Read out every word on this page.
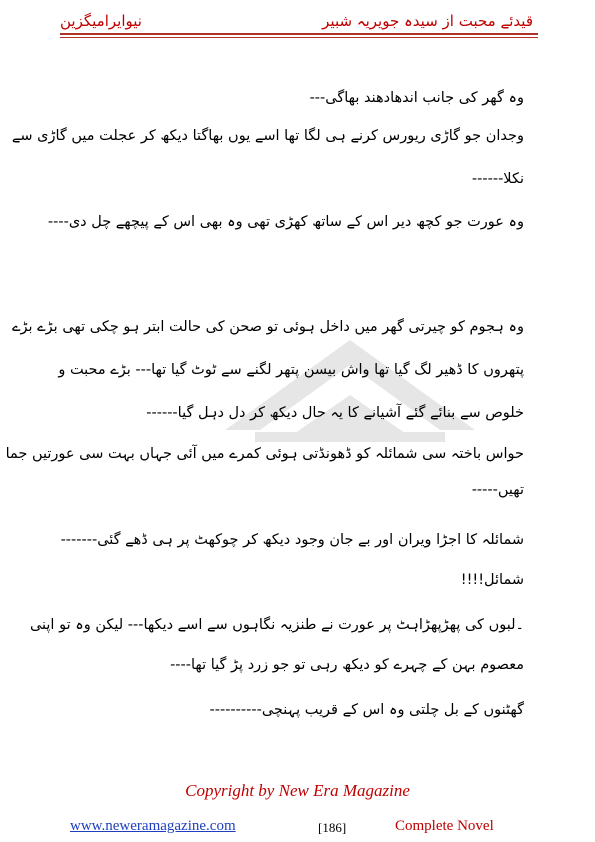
نیوایرامیگزین	قیدئے محبت از سیدہ جویریہ شبیر
وہ گھر کی جانب اندھادھند بھاگی---
وجدان جو گاڑی ریورس کرنے ہی لگا تھا اسے یوں بھاگتا دیکھ کر عجلت میں گاڑی سے
نکلا------
وہ عورت جو کچھ دیر اس کے ساتھ کھڑی تھی وہ بھی اس کے پیچھے چل دی----
وہ ہجوم کو چیرتی گھر میں داخل ہوئی تو صحن کی حالت ابتر ہو چکی تھی بڑے بڑے
پتھروں کا ڈھیر لگ گیا تھا واش بیسن پتھر لگنے سے ٹوٹ گیا تھا--- بڑے محبت و
خلوص سے بنائے گئے آشیانے کا یہ حال دیکھ کر دل دہل گیا------
حواس باختہ سی شمائلہ کو ڈھونڈتی ہوئی کمرے میں آئی جہاں بہت سی عورتیں جما
تھیں-----
شمائلہ کا اجڑا ویران اور بے جان وجود دیکھ کر چوکھٹ پر ہی ڈھے گئی-------
شمائل!!!!
۔لبوں کی پھڑپھڑاہٹ پر عورت نے طنزیہ نگاہوں سے اسے دیکھا--- لیکن وہ تو اپنی
معصوم بہن کے چہرے کو دیکھ رہی تو جو زرد پڑ گیا تھا----
گھٹنوں کے بل چلتی وہ اس کے قریب پہنچی----------
Copyright by New Era Magazine
www.neweramagazine.com	[186]	Complete Novel
